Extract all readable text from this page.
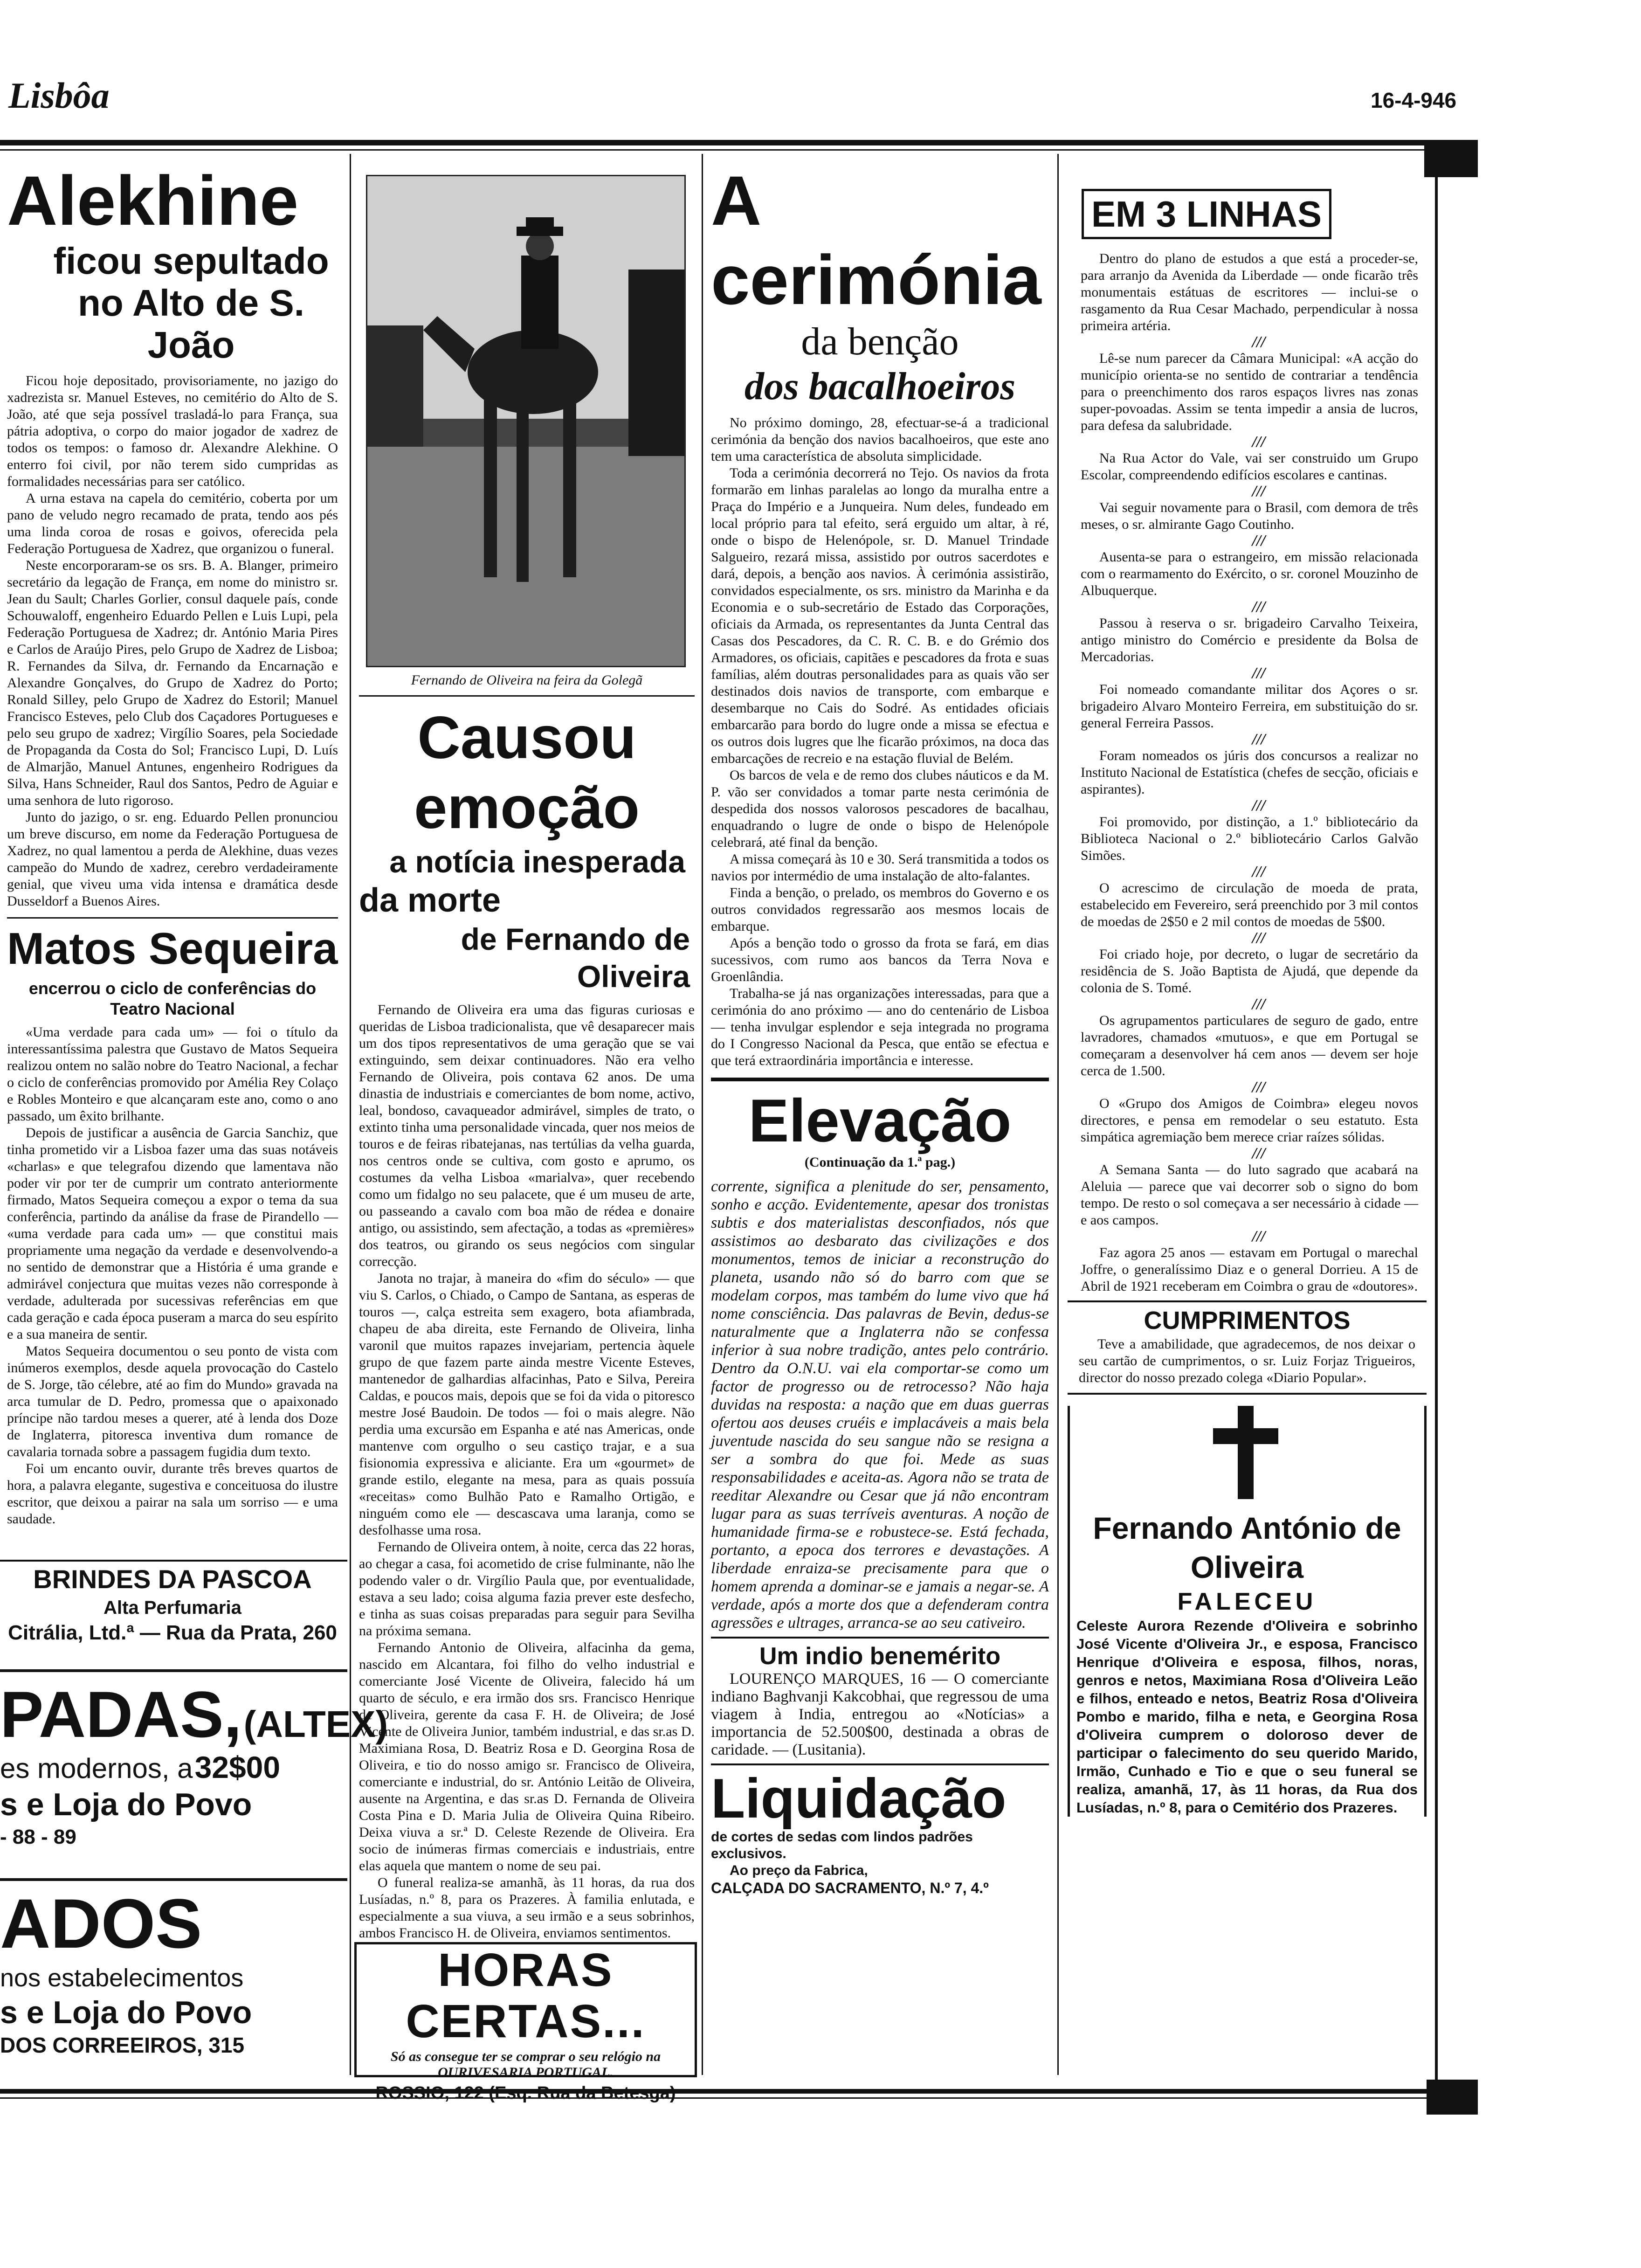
Lisbôa	16-4-946
Alekhine
ficou sepultado
no Alto de S. João

Ficou hoje depositado, provisoriamente, no jazigo do xadrezista sr. Manuel Esteves, no cemitério do Alto de S. João, até que seja possível trasladá-lo para França, sua pátria adoptiva, o corpo do maior jogador de xadrez de todos os tempos: o famoso dr. Alexandre Alekhine. O enterro foi civil, por não terem sido cumpridas as formalidades necessárias para ser católico.

A urna estava na capela do cemitério, coberta por um pano de veludo negro recamado de prata, tendo aos pés uma linda coroa de rosas e goivos, oferecida pela Federação Portuguesa de Xadrez, que organizou o funeral.

Neste encorporaram-se os srs. B. A. Blanger, primeiro secretário da legação de França, em nome do ministro sr. Jean du Sault; Charles Gorlier, consul daquele país, conde Schouwaloff, engenheiro Eduardo Pellen e Luis Lupi, pela Federação Portuguesa de Xadrez; dr. António Maria Pires e Carlos de Araújo Pires, pelo Grupo de Xadrez de Lisboa; R. Fernandes da Silva, dr. Fernando da Encarnação e Alexandre Gonçalves, do Grupo de Xadrez do Porto; Ronald Silley, pelo Grupo de Xadrez do Estoril; Manuel Francisco Esteves, pelo Club dos Caçadores Portugueses e pelo seu grupo de xadrez; Virgílio Soares, pela Sociedade de Propaganda da Costa do Sol; Francisco Lupi, D. Luís de Almarjão, Manuel Antunes, engenheiro Rodrigues da Silva, Hans Schneider, Raul dos Santos, Pedro de Aguiar e uma senhora de luto rigoroso.

Junto do jazigo, o sr. eng. Eduardo Pellen pronunciou um breve discurso, em nome da Federação Portuguesa de Xadrez, no qual lamentou a perda de Alekhine, duas vezes campeão do Mundo de xadrez, cerebro verdadeiramente genial, que viveu uma vida intensa e dramática desde Dusseldorf a Buenos Aires.

Matos Sequeira
encerrou o ciclo de conferências do Teatro Nacional

«Uma verdade para cada um» — foi o título da interessantíssima palestra que Gustavo de Matos Sequeira realizou ontem no salão nobre do Teatro Nacional, a fechar o ciclo de conferências promovido por Amélia Rey Colaço e Robles Monteiro e que alcançaram este ano, como o ano passado, um êxito brilhante.

Depois de justificar a ausência de Garcia Sanchiz, que tinha prometido vir a Lisboa fazer uma das suas notáveis «charlas» e que telegrafou dizendo que lamentava não poder vir por ter de cumprir um contrato anteriormente firmado, Matos Sequeira começou a expor o tema da sua conferência, partindo da análise da frase de Pirandello — «uma verdade para cada um» — que constitui mais propriamente uma negação da verdade e desenvolvendo-a no sentido de demonstrar que a História é uma grande e admirável conjectura que muitas vezes não corresponde à verdade, adulterada por sucessivas referências em que cada geração e cada época puseram a marca do seu espírito e a sua maneira de sentir.

Matos Sequeira documentou o seu ponto de vista com inúmeros exemplos, desde aquela provocação do Castelo de S. Jorge, tão célebre, até ao fim do Mundo» gravada na arca tumular de D. Pedro, promessa que o apaixonado príncipe não tardou meses a querer, até à lenda dos Doze de Inglaterra, pitoresca inventiva dum romance de cavalaria tornada sobre a passagem fugidia dum texto.

Foi um encanto ouvir, durante três breves quartos de hora, a palavra elegante, sugestiva e conceituosa do ilustre escritor, que deixou a pairar na sala um sorriso — e uma saudade.

BRINDES DA PASCOA
Alta Perfumaria
Citrália, Ltd.ª — Rua da Prata, 260
PADAS, (ALTEX)
es modernos, a 32$00
s e Loja do Povo
- 88 - 89
ADOS
nos estabelecimentos
s e Loja do Povo
DOS CORREEIROS, 315
Fernando de Oliveira na feira da Golegã
Causou emoção
a notícia inesperada
da morte
de Fernando de Oliveira

Fernando de Oliveira era uma das figuras curiosas e queridas de Lisboa tradicionalista, que vê desaparecer mais um dos tipos representativos de uma geração que se vai extinguindo, sem deixar continuadores. Não era velho Fernando de Oliveira, pois contava 62 anos. De uma dinastia de industriais e comerciantes de bom nome, activo, leal, bondoso, cavaqueador admirável, simples de trato, o extinto tinha uma personalidade vincada, quer nos meios de touros e de feiras ribatejanas, nas tertúlias da velha guarda, nos centros onde se cultiva, com gosto e aprumo, os costumes da velha Lisboa «marialva», quer recebendo como um fidalgo no seu palacete, que é um museu de arte, ou passeando a cavalo com boa mão de rédea e donaire antigo, ou assistindo, sem afectação, a todas as «premières» dos teatros, ou girando os seus negócios com singular correcção.

Janota no trajar, à maneira do «fim do século» — que viu S. Carlos, o Chiado, o Campo de Santana, as esperas de touros —, calça estreita sem exagero, bota afiambrada, chapeu de aba direita, este Fernando de Oliveira, linha varonil que muitos rapazes invejariam, pertencia àquele grupo de que fazem parte ainda mestre Vicente Esteves, mantenedor de galhardias alfacinhas, Pato e Silva, Pereira Caldas, e poucos mais, depois que se foi da vida o pitoresco mestre José Baudoin. De todos — foi o mais alegre. Não perdia uma excursão em Espanha e até nas Americas, onde mantenve com orgulho o seu castiço trajar, e a sua fisionomia expressiva e aliciante. Era um «gourmet» de grande estilo, elegante na mesa, para as quais possuía «receitas» como Bulhão Pato e Ramalho Ortigão, e ninguém como ele — descascava uma laranja, como se desfolhasse uma rosa.

Fernando de Oliveira ontem, à noite, cerca das 22 horas, ao chegar a casa, foi acometido de crise fulminante, não lhe podendo valer o dr. Virgílio Paula que, por eventualidade, estava a seu lado; coisa alguma fazia prever este desfecho, e tinha as suas coisas preparadas para seguir para Sevilha na próxima semana.

Fernando Antonio de Oliveira, alfacinha da gema, nascido em Alcantara, foi filho do velho industrial e comerciante José Vicente de Oliveira, falecido há um quarto de século, e era irmão dos srs. Francisco Henrique de Oliveira, gerente da casa F. H. de Oliveira; de José Vicente de Oliveira Junior, também industrial, e das sr.as D. Maximiana Rosa, D. Beatriz Rosa e D. Georgina Rosa de Oliveira, e tio do nosso amigo sr. Francisco de Oliveira, comerciante e industrial, do sr. António Leitão de Oliveira, ausente na Argentina, e das sr.as D. Fernanda de Oliveira Costa Pina e D. Maria Julia de Oliveira Quina Ribeiro. Deixa viuva a sr.ª D. Celeste Rezende de Oliveira. Era socio de inúmeras firmas comerciais e industriais, entre elas aquela que mantem o nome de seu pai.

O funeral realiza-se amanhã, às 11 horas, da rua dos Lusíadas, n.º 8, para os Prazeres. À familia enlutada, e especialmente a sua viuva, a seu irmão e a seus sobrinhos, ambos Francisco H. de Oliveira, enviamos sentimentos.

HORAS CERTAS...
Só as consegue ter se comprar o seu relógio na OURIVESARIA PORTUGAL.
A cerimónia
da benção
dos bacalhoeiros

No próximo domingo, 28, efectuar-se-á a tradicional cerimónia da benção dos navios bacalhoeiros, que este ano tem uma característica de absoluta simplicidade.

Toda a cerimónia decorrerá no Tejo. Os navios da frota formarão em linhas paralelas ao longo da muralha entre a Praça do Império e a Junqueira. Num deles, fundeado em local próprio para tal efeito, será erguido um altar, à ré, onde o bispo de Helenópole, sr. D. Manuel Trindade Salgueiro, rezará missa, assistido por outros sacerdotes e dará, depois, a benção aos navios. À cerimónia assistirão, convidados especialmente, os srs. ministro da Marinha e da Economia e o sub-secretário de Estado das Corporações, oficiais da Armada, os representantes da Junta Central das Casas dos Pescadores, da C. R. C. B. e do Grémio dos Armadores, os oficiais, capitães e pescadores da frota e suas famílias, além doutras personalidades para as quais vão ser destinados dois navios de transporte, com embarque e desembarque no Cais do Sodré. As entidades oficiais embarcarão para bordo do lugre onde a missa se efectua e os outros dois lugres que lhe ficarão próximos, na doca das embarcações de recreio e na estação fluvial de Belém.

Os barcos de vela e de remo dos clubes náuticos e da M. P. vão ser convidados a tomar parte nesta cerimónia de despedida dos nossos valorosos pescadores de bacalhau, enquadrando o lugre de onde o bispo de Helenópole celebrará, até final da benção.

A missa começará às 10 e 30. Será transmitida a todos os navios por intermédio de uma instalação de alto-falantes.

Finda a benção, o prelado, os membros do Governo e os outros convidados regressarão aos mesmos locais de embarque.

Após a benção todo o grosso da frota se fará, em dias sucessivos, com rumo aos bancos da Terra Nova e Groenlândia.

Trabalha-se já nas organizações interessadas, para que a cerimónia do ano próximo — ano do centenário de Lisboa — tenha invulgar esplendor e seja integrada no programa do I Congresso Nacional da Pesca, que então se efectua e que terá extraordinária importância e interesse.

Elevação
(Continuação da 1.ª pag.)

corrente, significa a plenitude do ser, pensamento, sonho e acção. Evidentemente, apesar dos tronistas subtis e dos materialistas desconfiados, nós que assistimos ao desbarato das civilizações e dos monumentos, temos de iniciar a reconstrução do planeta, usando não só do barro com que se modelam corpos, mas também do lume vivo que há nome consciência. Das palavras de Bevin, dedus-se naturalmente que a Inglaterra não se confessa inferior à sua nobre tradição, antes pelo contrário. Dentro da O.N.U. vai ela comportar-se como um factor de progresso ou de retrocesso? Não haja duvidas na resposta: a nação que em duas guerras ofertou aos deuses cruéis e implacáveis a mais bela juventude nascida do seu sangue não se resigna a ser a sombra do que foi. Mede as suas responsabilidades e aceita-as. Agora não se trata de reeditar Alexandre ou Cesar que já não encontram lugar para as suas terríveis aventuras. A noção de humanidade firma-se e robustece-se. Está fechada, portanto, a epoca dos terrores e devastações. A liberdade enraiza-se precisamente para que o homem aprenda a dominar-se e jamais a negar-se. A verdade, após a morte dos que a defenderam contra agressões e ultrages, arranca-se ao seu cativeiro.

Um indio benemérito

LOURENÇO MARQUES, 16 — O comerciante indiano Baghvanji Kakcobhai, que regressou de uma viagem à India, entregou ao «Notícias» a importancia de 52.500$00, destinada a obras de caridade. — (Lusitania).

Liquidação
de cortes de sedas com lindos padrões exclusivos.
Ao preço da Fabrica,
CALÇADA DO SACRAMENTO, N.º 7, 4.º
EM 3 LINHAS

Dentro do plano de estudos a que está a proceder-se, para arranjo da Avenida da Liberdade — onde ficarão três monumentais estátuas de escritores — inclui-se o rasgamento da Rua Cesar Machado, perpendicular à nossa primeira artéria.

///

Lê-se num parecer da Câmara Municipal: «A acção do município orienta-se no sentido de contrariar a tendência para o preenchimento dos raros espaços livres nas zonas super-povoadas. Assim se tenta impedir a ansia de lucros, para defesa da salubridade.

///

Na Rua Actor do Vale, vai ser construido um Grupo Escolar, compreendendo edifícios escolares e cantinas.

///

Vai seguir novamente para o Brasil, com demora de três meses, o sr. almirante Gago Coutinho.

///

Ausenta-se para o estrangeiro, em missão relacionada com o rearmamento do Exército, o sr. coronel Mouzinho de Albuquerque.

///

Passou à reserva o sr. brigadeiro Carvalho Teixeira, antigo ministro do Comércio e presidente da Bolsa de Mercadorias.

///

Foi nomeado comandante militar dos Açores o sr. brigadeiro Alvaro Monteiro Ferreira, em substituição do sr. general Ferreira Passos.

///

Foram nomeados os júris dos concursos a realizar no Instituto Nacional de Estatística (chefes de secção, oficiais e aspirantes).

///

Foi promovido, por distinção, a 1.º bibliotecário da Biblioteca Nacional o 2.º bibliotecário Carlos Galvão Simões.

///

O acrescimo de circulação de moeda de prata, estabelecido em Fevereiro, será preenchido por 3 mil contos de moedas de 2$50 e 2 mil contos de moedas de 5$00.

///

Foi criado hoje, por decreto, o lugar de secretário da residência de S. João Baptista de Ajudá, que depende da colonia de S. Tomé.

///

Os agrupamentos particulares de seguro de gado, entre lavradores, chamados «mutuos», e que em Portugal se começaram a desenvolver há cem anos — devem ser hoje cerca de 1.500.

///

O «Grupo dos Amigos de Coimbra» elegeu novos directores, e pensa em remodelar o seu estatuto. Esta simpática agremiação bem merece criar raízes sólidas.

///

A Semana Santa — do luto sagrado que acabará na Aleluia — parece que vai decorrer sob o signo do bom tempo. De resto o sol começava a ser necessário à cidade — e aos campos.

///

Faz agora 25 anos — estavam em Portugal o marechal Joffre, o generalíssimo Diaz e o general Dorrieu. A 15 de Abril de 1921 receberam em Coimbra o grau de «doutores».

CUMPRIMENTOS

Teve a amabilidade, que agradecemos, de nos deixar o seu cartão de cumprimentos, o sr. Luiz Forjaz Trigueiros, director do nosso prezado colega «Diario Popular».

Fernando António de Oliveira
FALECEU
Celeste Aurora Rezende d'Oliveira e sobrinho José Vicente d'Oliveira Jr., e esposa, Francisco Henrique d'Oliveira e esposa, filhos, noras, genros e netos, Maximiana Rosa d'Oliveira Leão e filhos, enteado e netos, Beatriz Rosa d'Oliveira Pombo e marido, filha e neta, e Georgina Rosa d'Oliveira cumprem o doloroso dever de participar o falecimento do seu querido Marido, Irmão, Cunhado e Tio e que o seu funeral se realiza, amanhã, 17, às 11 horas, da Rua dos Lusíadas, n.º 8, para o Cemitério dos Prazeres.
